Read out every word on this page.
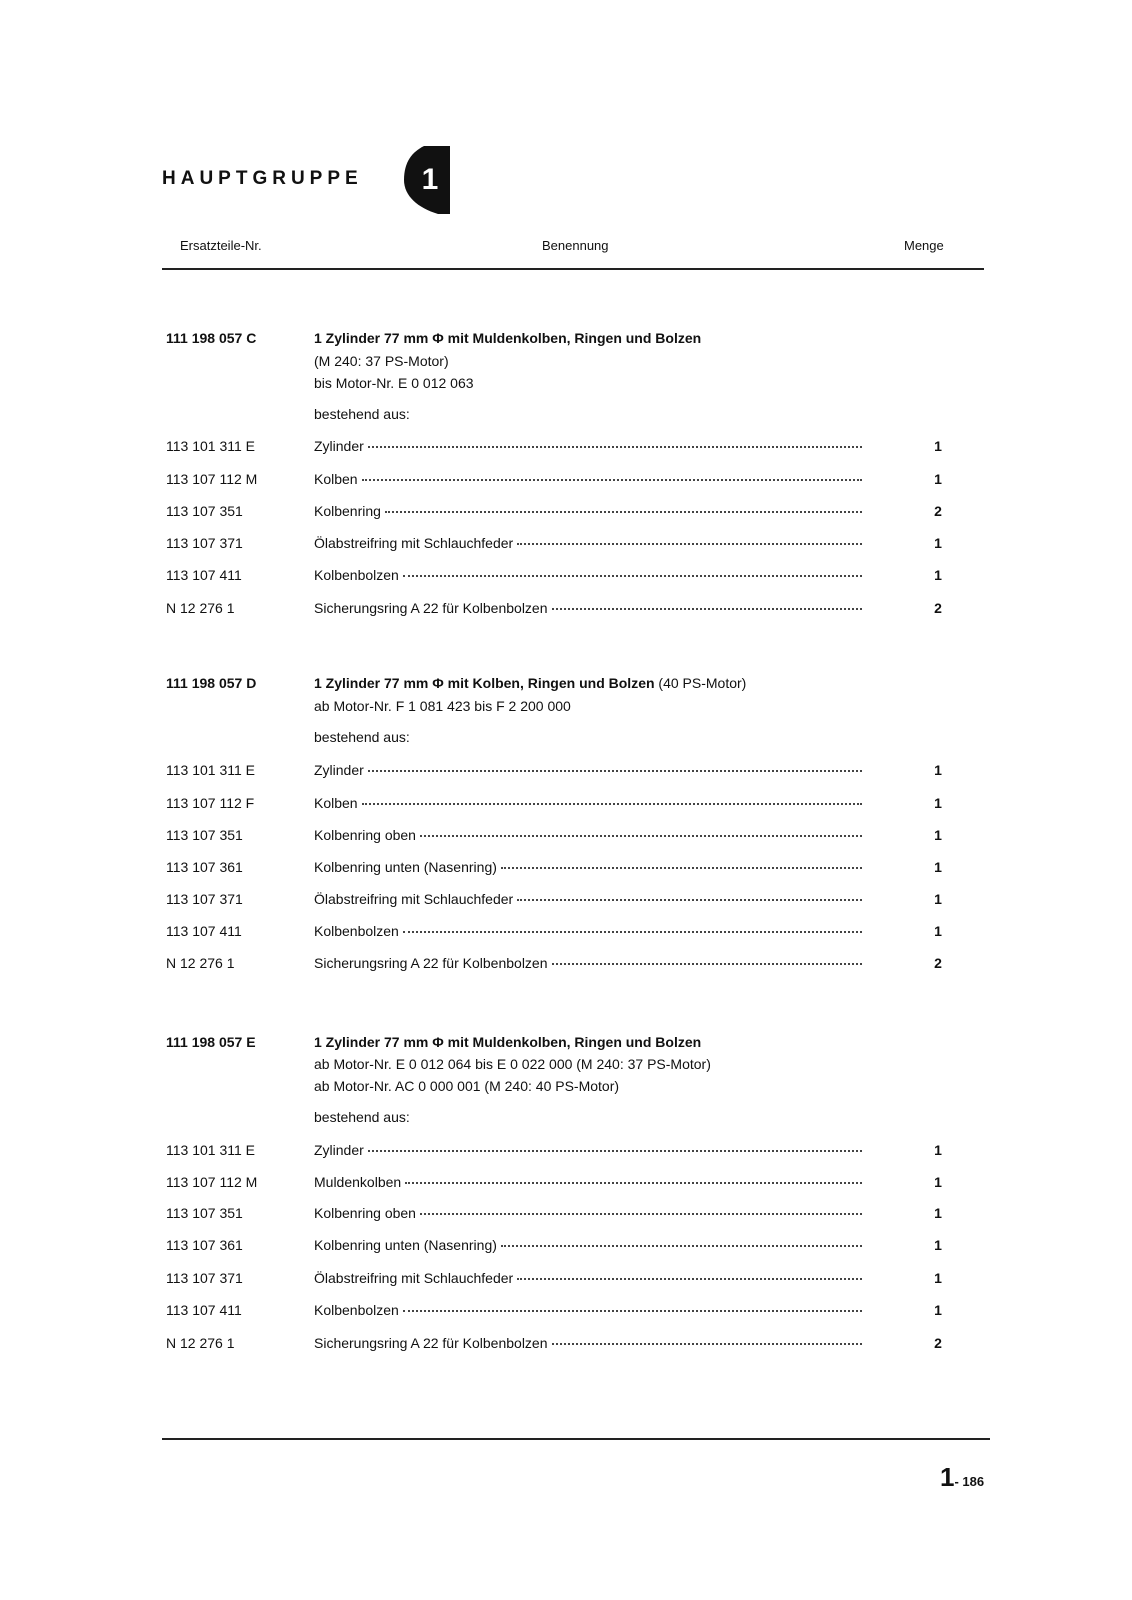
HAUPTGRUPPE	1
Ersatzteile-Nr.	Benennung	Menge
111 198 057 C	1 Zylinder 77 mm Φ mit Muldenkolben, Ringen und Bolzen
(M 240: 37 PS-Motor)
bis Motor-Nr. E 0 012 063
bestehend aus:
113 101 311 E	Zylinder	1
113 107 112 M	Kolben	1
113 107 351	Kolbenring	2
113 107 371	Ölabstreifring mit Schlauchfeder	1
113 107 411	Kolbenbolzen	1
N 12 276 1	Sicherungsring A 22 für Kolbenbolzen	2
111 198 057 D	1 Zylinder 77 mm Φ mit Kolben, Ringen und Bolzen (40 PS-Motor)
ab Motor-Nr. F 1 081 423 bis F 2 200 000
bestehend aus:
113 101 311 E	Zylinder	1
113 107 112 F	Kolben	1
113 107 351	Kolbenring oben	1
113 107 361	Kolbenring unten (Nasenring)	1
113 107 371	Ölabstreifring mit Schlauchfeder	1
113 107 411	Kolbenbolzen	1
N 12 276 1	Sicherungsring A 22 für Kolbenbolzen	2
111 198 057 E	1 Zylinder 77 mm Φ mit Muldenkolben, Ringen und Bolzen
ab Motor-Nr. E 0 012 064 bis E 0 022 000 (M 240: 37 PS-Motor)
ab Motor-Nr. AC 0 000 001 (M 240: 40 PS-Motor)
bestehend aus:
113 101 311 E	Zylinder	1
113 107 112 M	Muldenkolben	1
113 107 351	Kolbenring oben	1
113 107 361	Kolbenring unten (Nasenring)	1
113 107 371	Ölabstreifring mit Schlauchfeder	1
113 107 411	Kolbenbolzen	1
N 12 276 1	Sicherungsring A 22 für Kolbenbolzen	2
1- 186
